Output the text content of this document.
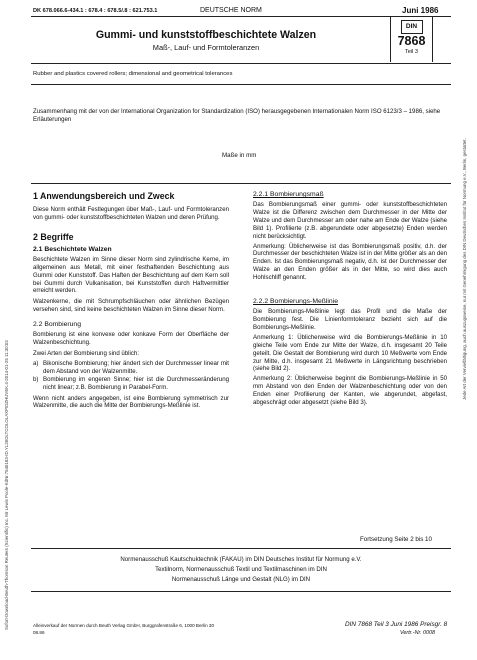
DK 678.066.6-434.1 : 678.4 : 678.5/.8 : 621.753.1	DEUTSCHE NORM	Juni 1986
Gummi- und kunststoffbeschichtete Walzen
Maß-, Lauf- und Formtoleranzen
DIN
7868
Teil 3
Rubber and plastics covered rollers; dimensional and geometrical tolerances
Zusammenhang mit der von der International Organization for Standardization (ISO) herausgegebenen Internationalen Norm ISO 6123/3 – 1986, siehe Erläuterungen
Maße in mm
1 Anwendungsbereich und Zweck
Diese Norm enthält Festlegungen über Maß-, Lauf- und Formtoleranzen von gummi- oder kunststoffbeschichteten Walzen und deren Prüfung.
2 Begriffe
2.1 Beschichtete Walzen
Beschichtete Walzen im Sinne dieser Norm sind zylindrische Kerne, im allgemeinen aus Metall, mit einer festhaftenden Beschichtung aus Gummi oder Kunststoff. Das Haften der Beschichtung auf dem Kern soll bei Gummi durch Vulkanisation, bei Kunststoffen durch Haftvermittler erreicht werden.
Walzenkerne, die mit Schrumpfschläuchen oder ähnlichen Bezügen versehen sind, sind keine beschichteten Walzen im Sinne dieser Norm.
2.2 Bombierung
Bombierung ist eine konvexe oder konkave Form der Oberfläche der Walzenbeschichtung.
Zwei Arten der Bombierung sind üblich:
a) Bikonische Bombierung; hier ändert sich der Durchmesser linear mit dem Abstand von der Walzenmitte.
b) Bombierung im engeren Sinne; hier ist die Durchmesseränderung nicht linear; z.B. Bombierung in Parabel-Form.
Wenn nicht anders angegeben, ist eine Bombierung symmetrisch zur Walzenmitte, die auch die Mitte der Bombierungs-Meßlinie ist.
2.2.1 Bombierungsmaß
Das Bombierungsmaß einer gummi- oder kunststoffbeschichteten Walze ist die Differenz zwischen dem Durchmesser in der Mitte der Walze und dem Durchmesser am oder nahe am Ende der Walze (siehe Bild 1). Profilierte (z.B. abgerundete oder abgesetzte) Enden werden nicht berücksichtigt.
Anmerkung: Üblicherweise ist das Bombierungsmaß positiv, d.h. der Durchmesser der beschichteten Walze ist in der Mitte größer als an den Enden. Ist das Bombierungsmaß negativ, d.h. ist der Durchmesser der Walze an den Enden größer als in der Mitte, so wird dies auch Hohlschliff genannt.
2.2.2 Bombierungs-Meßlinie
Die Bombierungs-Meßlinie legt das Profil und die Maße der Bombierung fest. Die Linienformtoleranz bezieht sich auf die Bombierungs-Meßlinie.
Anmerkung 1: Üblicherweise wird die Bombierungs-Meßlinie in 10 gleiche Teile vom Ende zur Mitte der Walze, d.h. insgesamt 20 Teile geteilt. Die Gestalt der Bombierung wird durch 10 Meßwerte vom Ende zur Mitte, d.h. insgesamt 21 Meßwerte in Längsrichtung beschrieben (siehe Bild 2).
Anmerkung 2: Üblicherweise beginnt die Bombierungs-Meßlinie in 50 mm Abstand von den Enden der Walzenbeschichtung oder von den Enden einer Profilierung der Kanten, wie abgerundet, abgefast, abgeschrägt oder abgesetzt (siehe Bild 3).
Fortsetzung Seite 2 bis 10
Normenausschuß Kautschuktechnik (FAKAU) im DIN Deutsches Institut für Normung e.V.
Textilnorm, Normenausschuß Textil und Textilmaschinen im DIN
Normenausschuß Länge und Gestalt (NLG) im DIN
Alleinverkauf der Normen durch Beuth Verlag GmbH, Burggrafenstraße 6, 1000 Berlin 30
08.86
DIN 7868 Teil 3 Juni 1986 Preisgr. 8
Vertr.-Nr. 0008
Sofort-Download-Beuth-Thomson Reuters (Scientific) Inc. Mr Lewis Poole-KdNr.7546183-ID.YL28OLTCOLOLAXPIDZHUVEK.4-2014-01-25 11:30:03
Jede Art der Vervielfältigung, auch auszugsweise, nur mit Genehmigung des DIN Deutsches Institut für Normung e.V., Berlin, gestattet.
